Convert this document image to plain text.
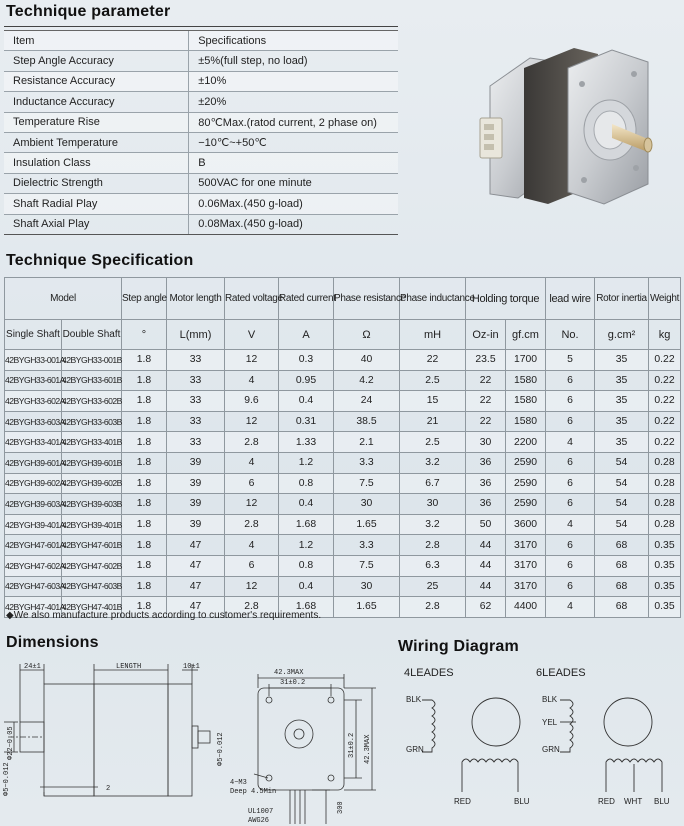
Technique parameter
Item	Specifications
Step Angle Accuracy	±5%(full step, no load)
Resistance Accuracy	±10%
Inductance Accuracy	±20%
Temperature Rise	80℃Max.(ratod current, 2 phase on)
Ambient Temperature	−10℃~+50℃
Insulation Class	B
Dielectric Strength	500VAC for one minute
Shaft Radial Play	0.06Max.(450 g-load)
Shaft Axial Play	0.08Max.(450 g-load)
Technique Specification
Model		Step angle	Motor length	Rated voltage	Rated current	Phase resistance	Phase inductance	Holding torque		lead wire	Rotor inertia	Weight
Single Shaft	Double Shaft	°	L(mm)	V	A	Ω	mH	Oz-in	gf.cm	No.	g.cm²	kg
42BYGH33-001A	42BYGH33-001B	1.8	33	12	0.3	40	22	23.5	1700	5	35	0.22
42BYGH33-601A	42BYGH33-601B	1.8	33	4	0.95	4.2	2.5	22	1580	6	35	0.22
42BYGH33-602A	42BYGH33-602B	1.8	33	9.6	0.4	24	15	22	1580	6	35	0.22
42BYGH33-603A	42BYGH33-603B	1.8	33	12	0.31	38.5	21	22	1580	6	35	0.22
42BYGH33-401A	42BYGH33-401B	1.8	33	2.8	1.33	2.1	2.5	30	2200	4	35	0.22
42BYGH39-601A	42BYGH39-601B	1.8	39	4	1.2	3.3	3.2	36	2590	6	54	0.28
42BYGH39-602A	42BYGH39-602B	1.8	39	6	0.8	7.5	6.7	36	2590	6	54	0.28
42BYGH39-603A	42BYGH39-603B	1.8	39	12	0.4	30	30	36	2590	6	54	0.28
42BYGH39-401A	42BYGH39-401B	1.8	39	2.8	1.68	1.65	3.2	50	3600	4	54	0.28
42BYGH47-601A	42BYGH47-601B	1.8	47	4	1.2	3.3	2.8	44	3170	6	68	0.35
42BYGH47-602A	42BYGH47-602B	1.8	47	6	0.8	7.5	6.3	44	3170	6	68	0.35
42BYGH47-603A	42BYGH47-603B	1.8	47	12	0.4	30	25	44	3170	6	68	0.35
42BYGH47-401A	42BYGH47-401B	1.8	47	2.8	1.68	1.65	2.8	62	4400	4	68	0.35
◆We also manufacture products according to customer's requirements.
Dimensions
24±1	LENGTH	10±1
2
Φ22−0.05
Φ5−0.012
Φ5−0.012
42.3MAX
31±0.2
31±0.2 42.3MAX
4−M3
Deep 4.5Min
UL1007
AWG26
300
Wiring Diagram
4LEADES	6LEADES
BLK
GRN
RED	BLU
BLK
YEL
GRN
RED WHT BLU
